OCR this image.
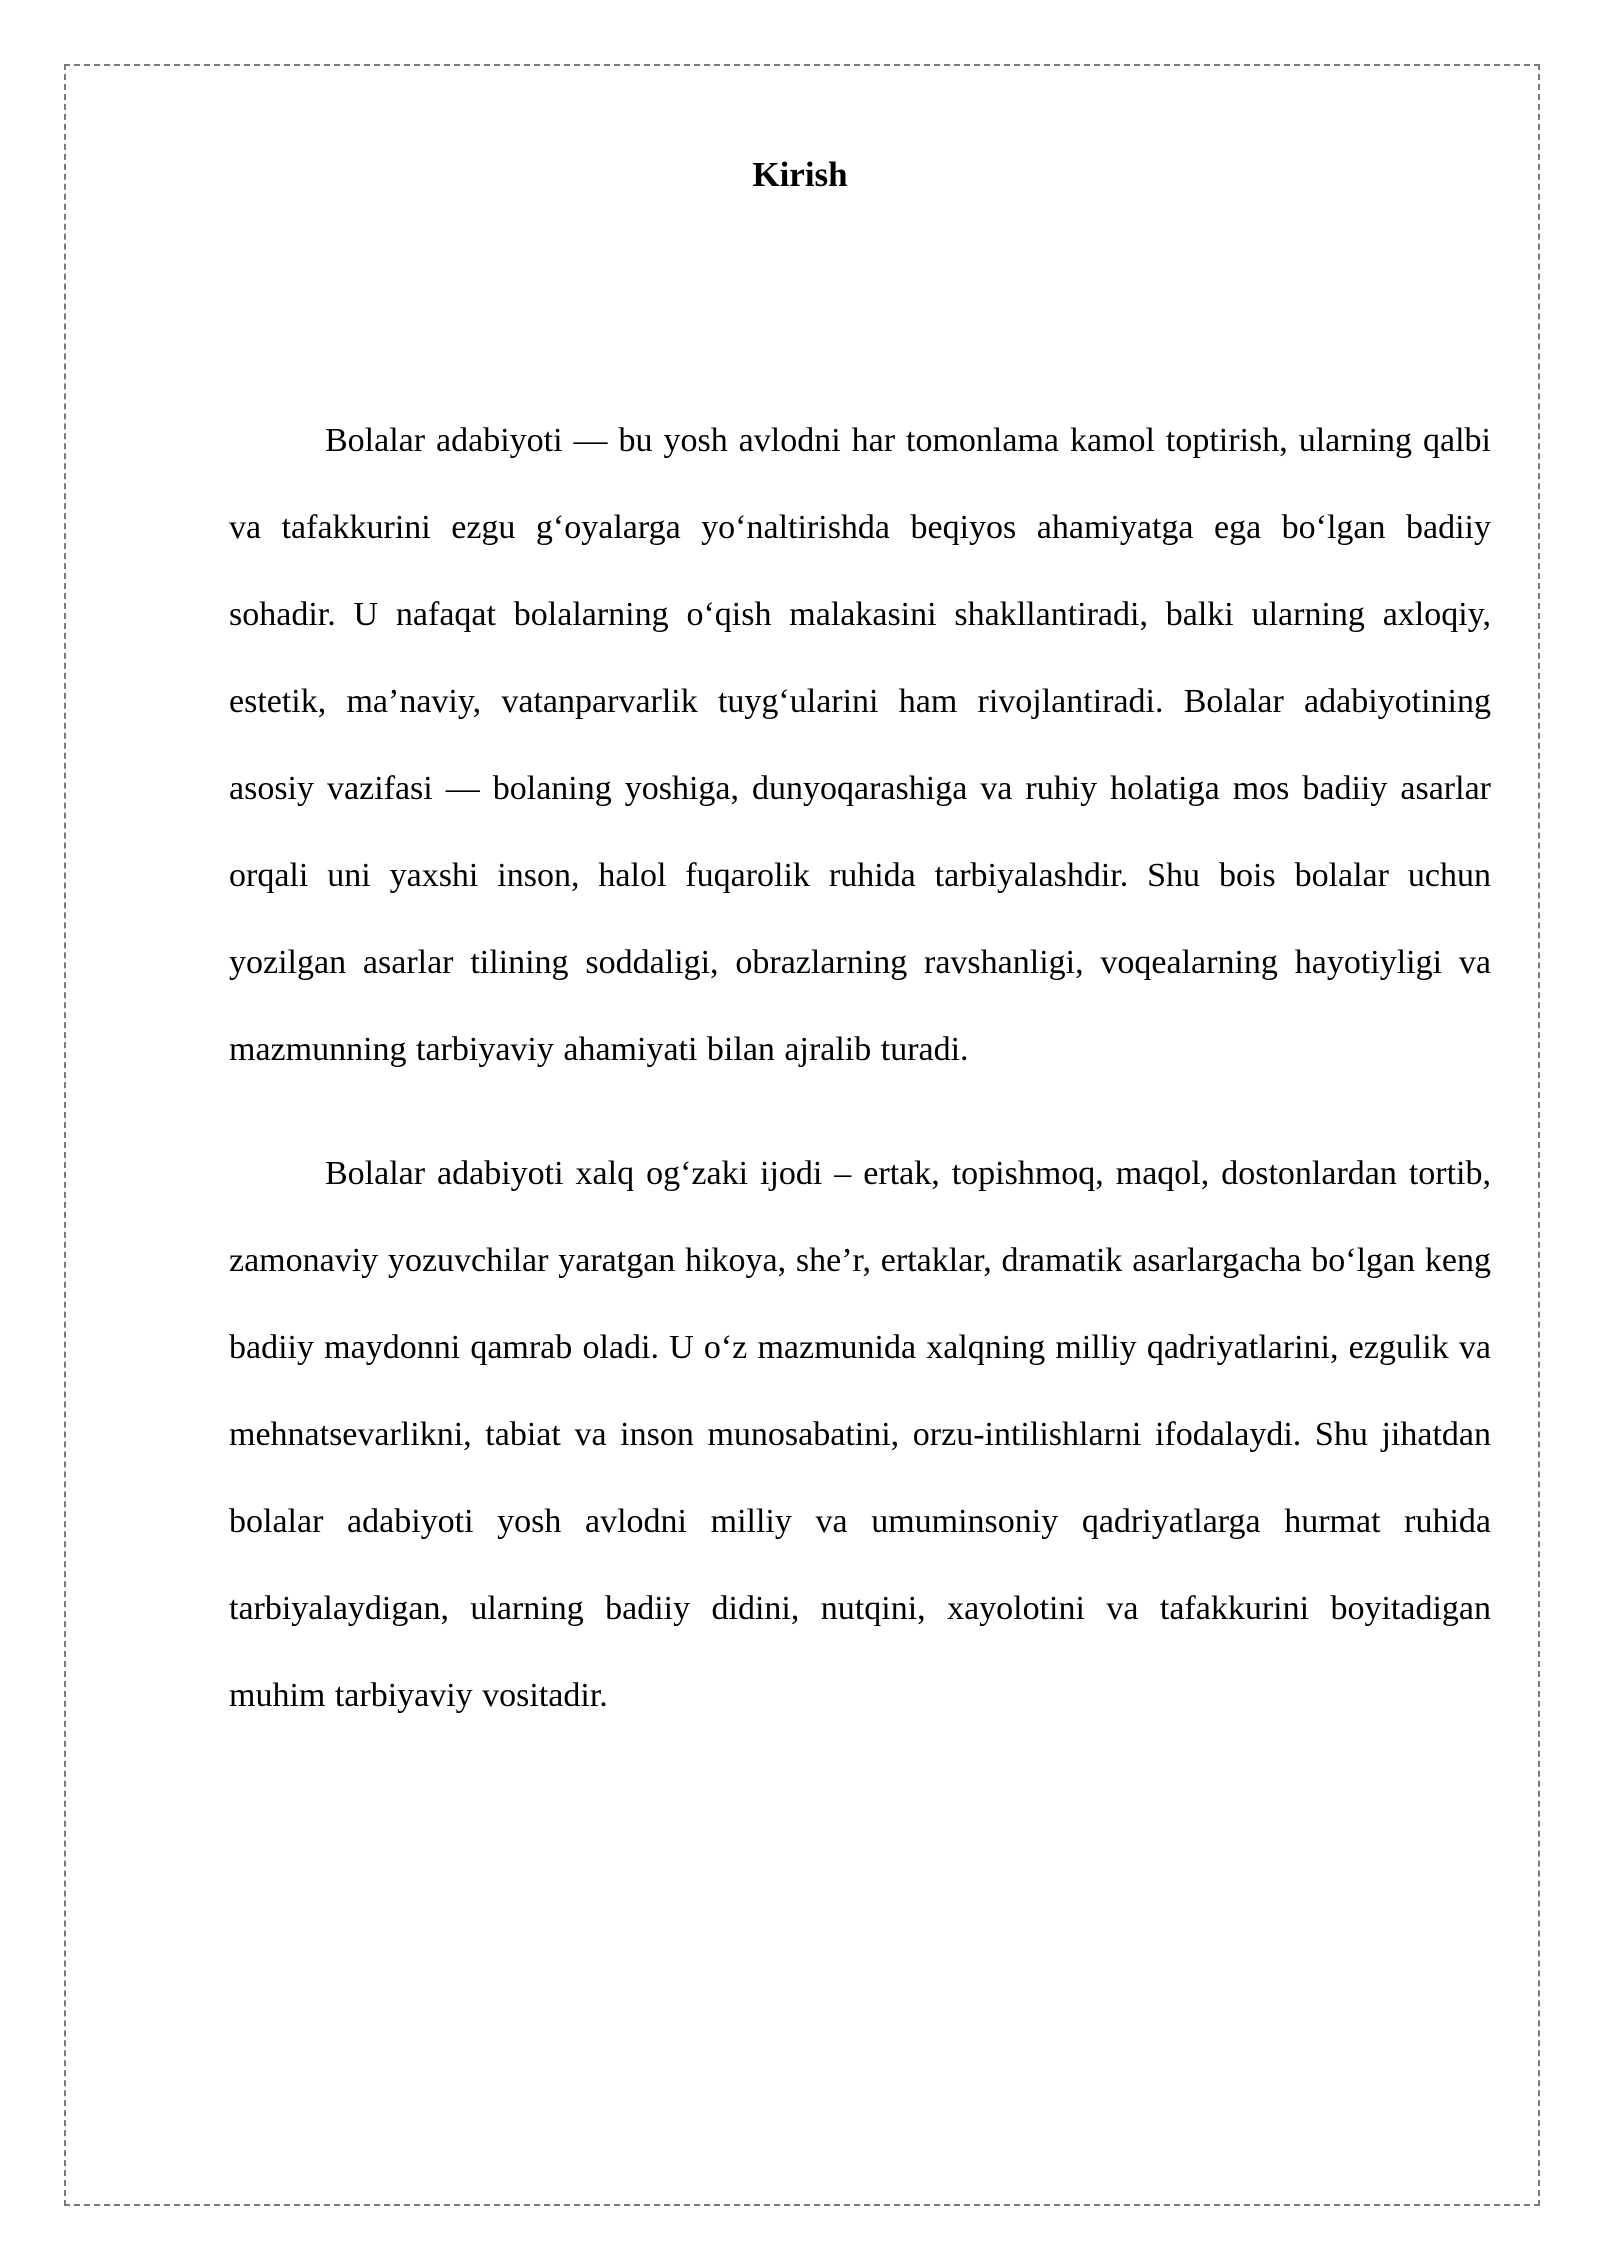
Kirish

Bolalar adabiyoti — bu yosh avlodni har tomonlama kamol toptirish, ularning qalbi va tafakkurini ezgu g‘oyalarga yo‘naltirishda beqiyos ahamiyatga ega bo‘lgan badiiy sohadir. U nafaqat bolalarning o‘qish malakasini shakllantiradi, balki ularning axloqiy, estetik, ma’naviy, vatanparvarlik tuyg‘ularini ham rivojlantiradi. Bolalar adabiyotining asosiy vazifasi — bolaning yoshiga, dunyoqarashiga va ruhiy holatiga mos badiiy asarlar orqali uni yaxshi inson, halol fuqarolik ruhida tarbiyalashdir. Shu bois bolalar uchun yozilgan asarlar tilining soddaligi, obrazlarning ravshanligi, voqealarning hayotiyligi va mazmunning tarbiyaviy ahamiyati bilan ajralib turadi.

Bolalar adabiyoti xalq og‘zaki ijodi – ertak, topishmoq, maqol, dostonlardan tortib, zamonaviy yozuvchilar yaratgan hikoya, she’r, ertaklar, dramatik asarlargacha bo‘lgan keng badiiy maydonni qamrab oladi. U o‘z mazmunida xalqning milliy qadriyatlarini, ezgulik va mehnatsevarlikni, tabiat va inson munosabatini, orzu-intilishlarni ifodalaydi. Shu jihatdan bolalar adabiyoti yosh avlodni milliy va umuminsoniy qadriyatlarga hurmat ruhida tarbiyalaydigan, ularning badiiy didini, nutqini, xayolotini va tafakkurini boyitadigan muhim tarbiyaviy vositadir.
